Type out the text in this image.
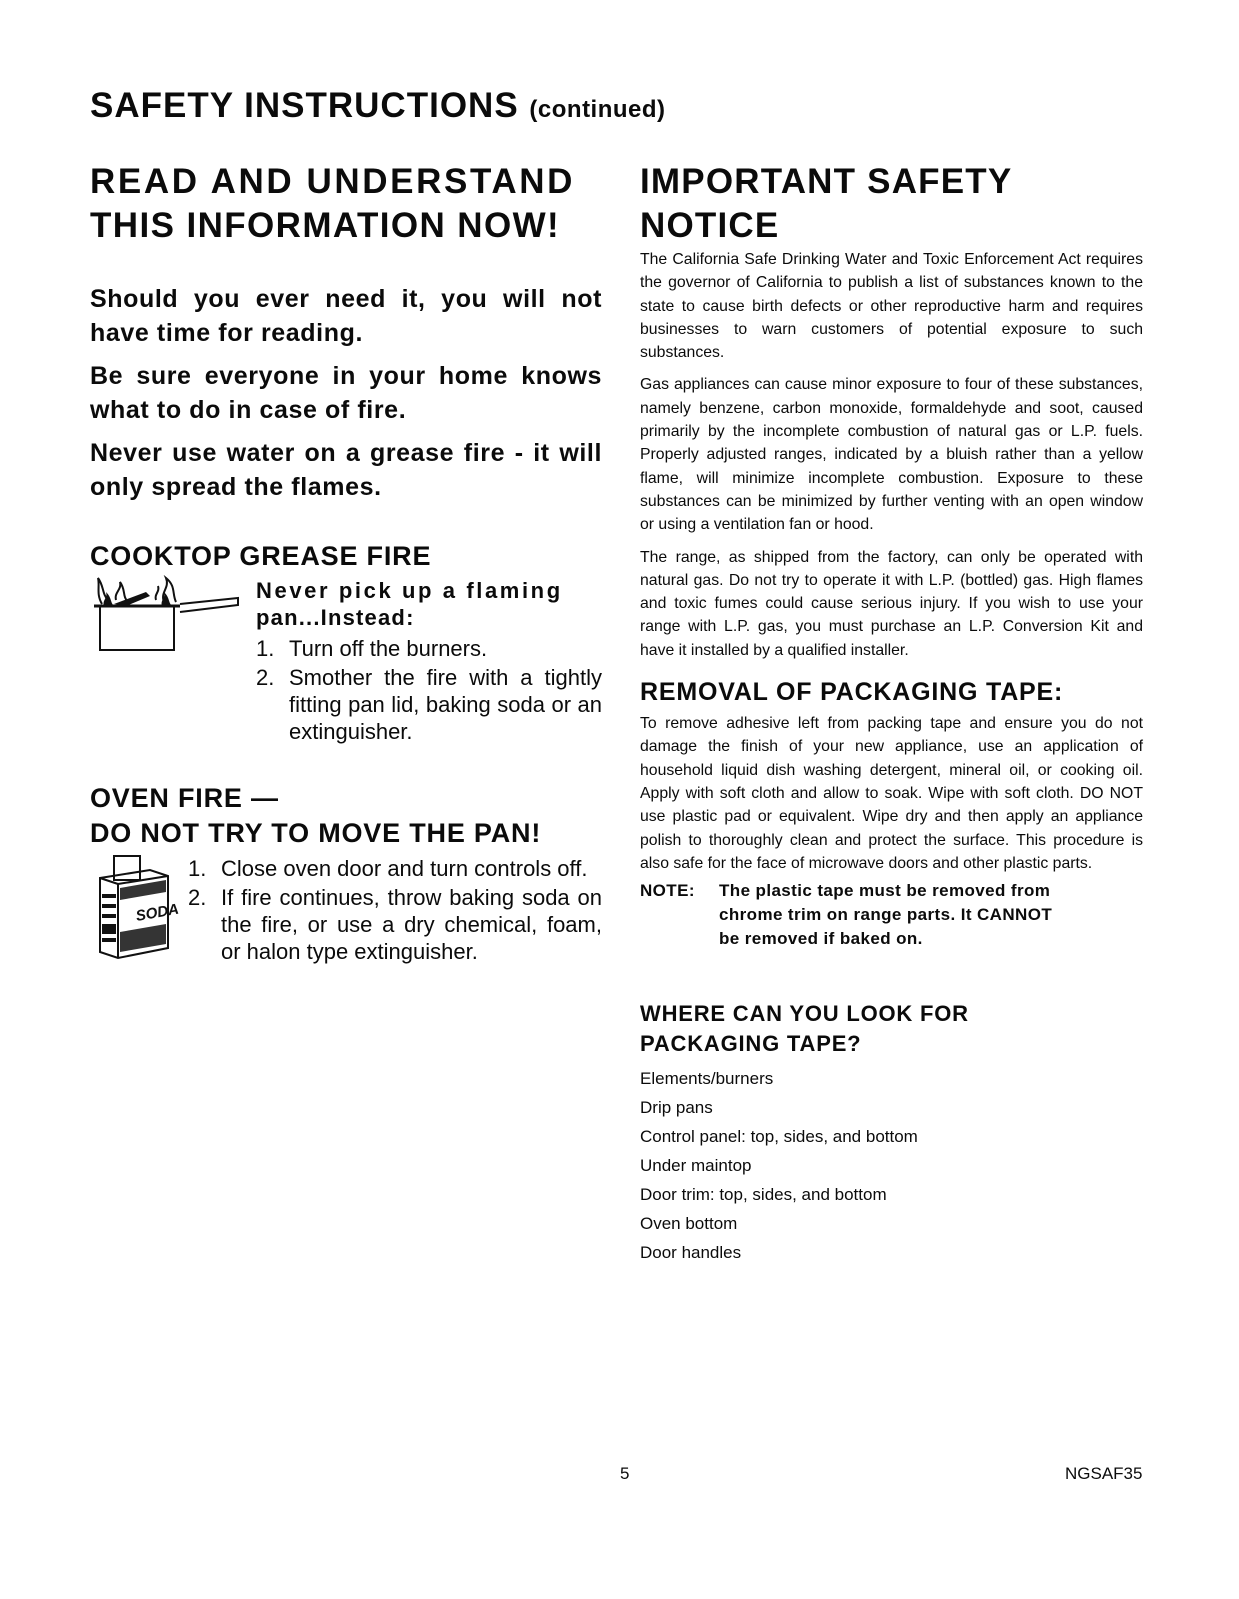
SAFETY INSTRUCTIONS (continued)

READ AND UNDERSTAND

THIS INFORMATION NOW!

Should you ever need it, you will not have time for reading.

Be sure everyone in your home knows what to do in case of fire.

Never use water on a grease fire - it will only spread the flames.

COOKTOP GREASE FIRE

Never pick up a flaming

pan...Instead:

1. Turn off the burners.
2. Smother the fire with a tightly fitting pan lid, baking soda or an extinguisher.

OVEN FIRE —

DO NOT TRY TO MOVE THE PAN!

1. Close oven door and turn controls off.
2. If fire continues, throw baking soda on the fire, or use a dry chemical, foam, or halon type extinguisher.
SODA

IMPORTANT SAFETY

NOTICE

The California Safe Drinking Water and Toxic Enforcement Act requires the governor of California to publish a list of substances known to the state to cause birth defects or other reproductive harm and requires businesses to warn customers of potential exposure to such substances.

Gas appliances can cause minor exposure to four of these substances, namely benzene, carbon monoxide, formaldehyde and soot, caused primarily by the incomplete combustion of natural gas or L.P. fuels. Properly adjusted ranges, indicated by a bluish rather than a yellow flame, will minimize incomplete combustion. Exposure to these substances can be minimized by further venting with an open window or using a ventilation fan or hood.

The range, as shipped from the factory, can only be operated with natural gas. Do not try to operate it with L.P. (bottled) gas. High flames and toxic fumes could cause serious injury. If you wish to use your range with L.P. gas, you must purchase an L.P. Conversion Kit and have it installed by a qualified installer.

REMOVAL OF PACKAGING TAPE:

To remove adhesive left from packing tape and ensure you do not damage the finish of your new appliance, use an application of household liquid dish washing detergent, mineral oil, or cooking oil. Apply with soft cloth and allow to soak. Wipe with soft cloth. DO NOT use plastic pad or equivalent. Wipe dry and then apply an appliance polish to thoroughly clean and protect the surface. This procedure is also safe for the face of microwave doors and other plastic parts.

NOTE:	The plastic tape must be removed from
chrome trim on range parts. It CANNOT
be removed if baked on.

WHERE CAN YOU LOOK FOR

PACKAGING TAPE?

Elements/burners

Drip pans

Control panel: top, sides, and bottom

Under maintop

Door trim: top, sides, and bottom

Oven bottom

Door handles

5	NGSAF35
